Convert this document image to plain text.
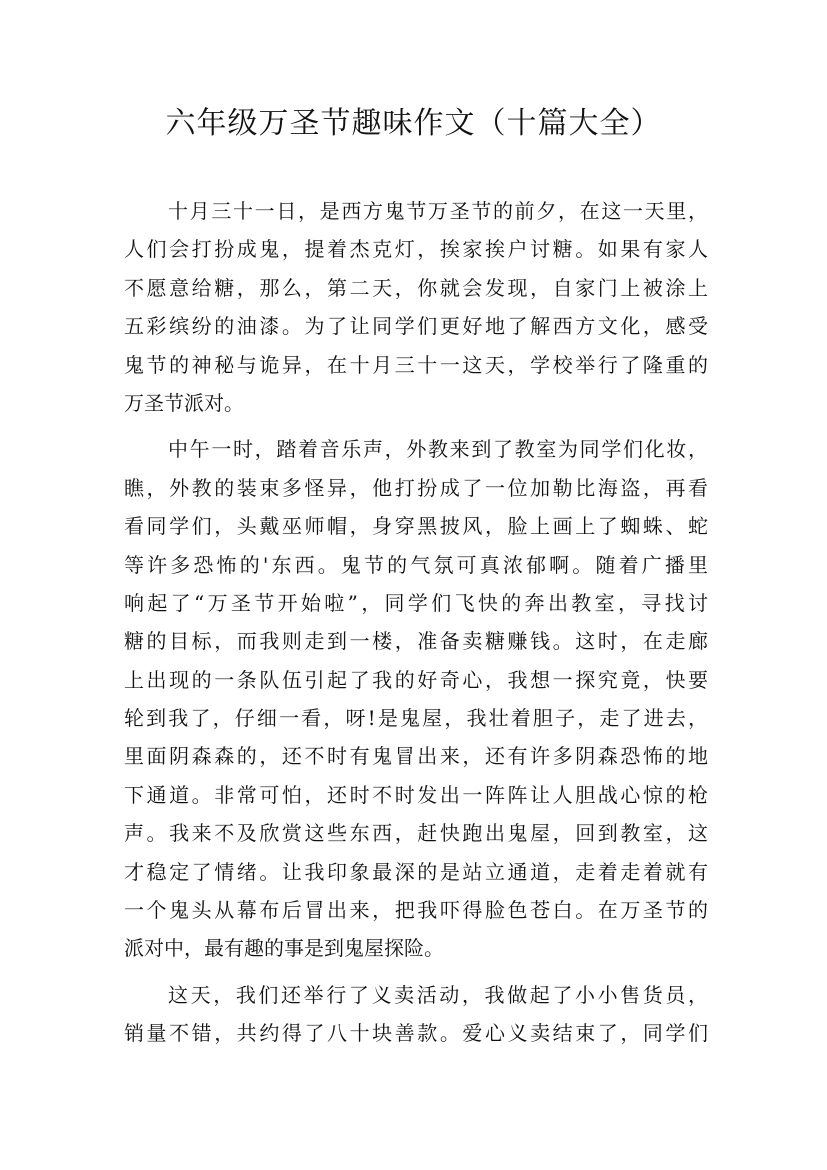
六年级万圣节趣味作文（十篇大全）
十月三十一日，是西方鬼节万圣节的前夕，在这一天里，
人们会打扮成鬼，提着杰克灯，挨家挨户讨糖。如果有家人
不愿意给糖，那么，第二天，你就会发现，自家门上被涂上
五彩缤纷的油漆。为了让同学们更好地了解西方文化，感受
鬼节的神秘与诡异，在十月三十一这天，学校举行了隆重的
万圣节派对。
中午一时，踏着音乐声，外教来到了教室为同学们化妆，
瞧，外教的装束多怪异，他打扮成了一位加勒比海盗，再看
看同学们，头戴巫师帽，身穿黑披风，脸上画上了蜘蛛、蛇
等许多恐怖的'东西。鬼节的气氛可真浓郁啊。随着广播里
响起了“万圣节开始啦”，同学们飞快的奔出教室，寻找讨
糖的目标，而我则走到一楼，准备卖糖赚钱。这时，在走廊
上出现的一条队伍引起了我的好奇心，我想一探究竟，快要
轮到我了，仔细一看，呀!是鬼屋，我壮着胆子，走了进去，
里面阴森森的，还不时有鬼冒出来，还有许多阴森恐怖的地
下通道。非常可怕，还时不时发出一阵阵让人胆战心惊的枪
声。我来不及欣赏这些东西，赶快跑出鬼屋，回到教室，这
才稳定了情绪。让我印象最深的是站立通道，走着走着就有
一个鬼头从幕布后冒出来，把我吓得脸色苍白。在万圣节的
派对中，最有趣的事是到鬼屋探险。
这天，我们还举行了义卖活动，我做起了小小售货员，
销量不错，共约得了八十块善款。爱心义卖结束了，同学们
